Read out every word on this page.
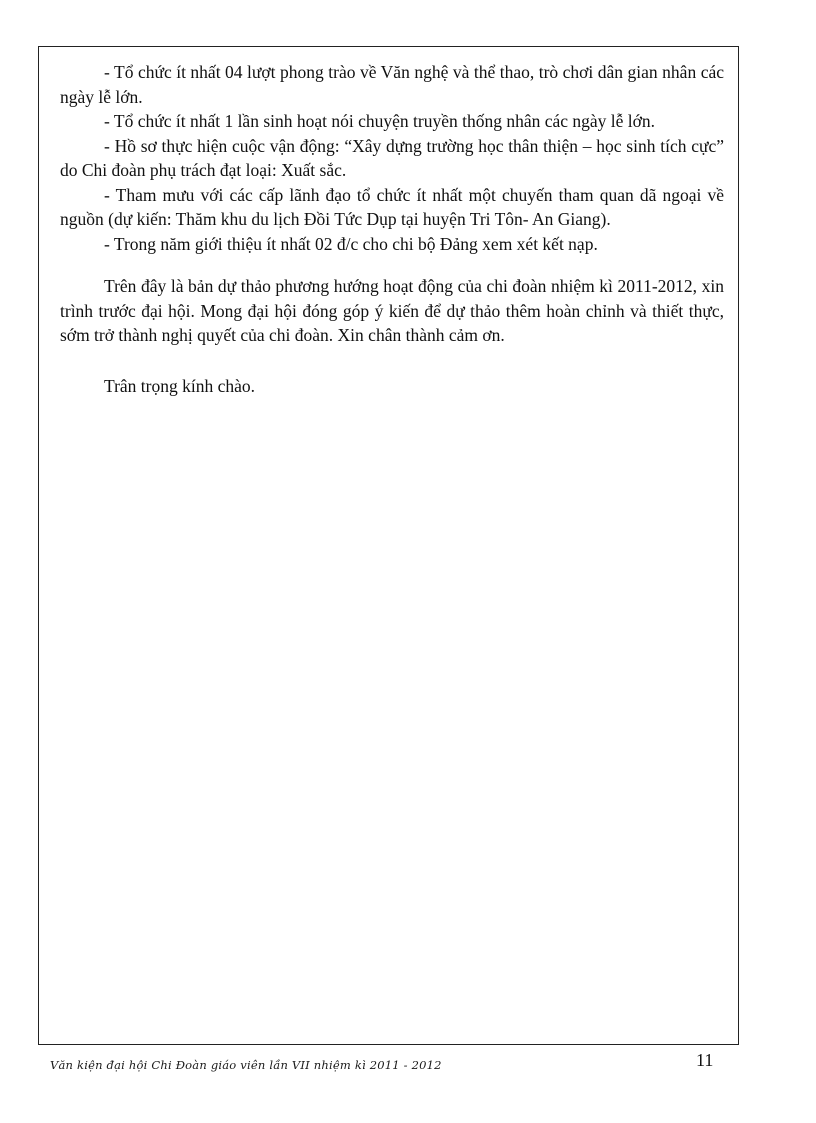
- Tổ chức ít nhất 04 lượt phong trào về Văn nghệ và thể thao, trò chơi dân gian nhân các ngày lễ lớn.

- Tổ chức ít nhất 1 lần sinh hoạt nói chuyện truyền thống nhân các ngày lễ lớn.

- Hồ sơ thực hiện cuộc vận động: “Xây dựng trường học thân thiện – học sinh tích cực” do Chi đoàn phụ trách đạt loại: Xuất sắc.

- Tham mưu với các cấp lãnh đạo tổ chức ít nhất một chuyến tham quan dã ngoại về nguồn (dự kiến: Thăm khu du lịch Đồi Tức Dụp tại huyện Tri Tôn- An Giang).

- Trong năm giới thiệu ít nhất 02 đ/c cho chi bộ Đảng xem xét kết nạp.

Trên đây là bản dự thảo phương hướng hoạt động của chi đoàn nhiệm kì 2011-2012, xin trình trước đại hội. Mong đại hội đóng góp ý kiến để dự thảo thêm hoàn chỉnh và thiết thực, sớm trở thành nghị quyết của chi đoàn. Xin chân thành cảm ơn.

Trân trọng kính chào.

Văn kiện đại hội Chi Đoàn giáo viên lần VII nhiệm kì 2011 - 2012	11
